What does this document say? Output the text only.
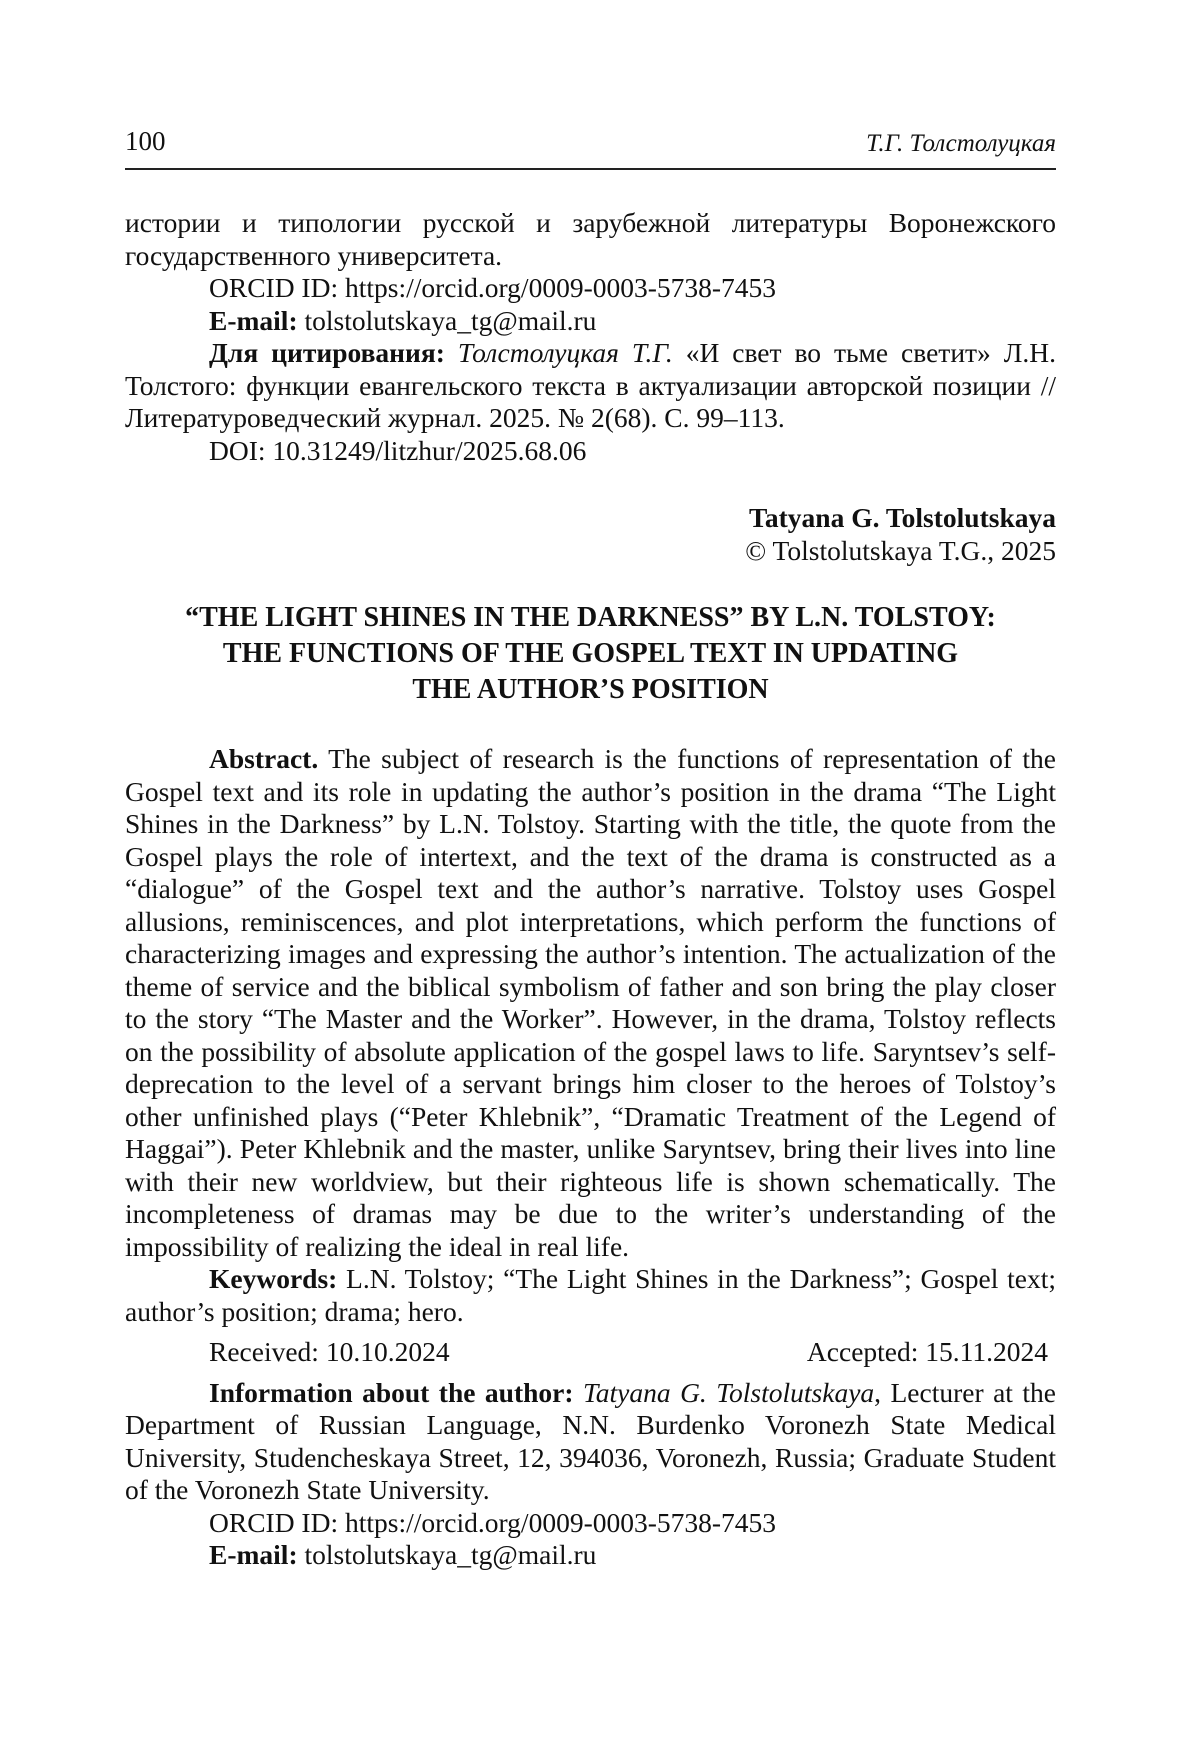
100	Т.Г. Толстолуцкая

истории и типологии русской и зарубежной литературы Воронежского государственного университета.

ORCID ID: https://orcid.org/0009-0003-5738-7453

E-mail: tolstolutskaya_tg@mail.ru

Для цитирования: Толстолуцкая Т.Г. «И свет во тьме светит» Л.Н. Толстого: функции евангельского текста в актуализации авторской позиции // Литературоведческий журнал. 2025. № 2(68). С. 99–113.

DOI: 10.31249/litzhur/2025.68.06

Tatyana G. Tolstolutskaya

© Tolstolutskaya T.G., 2025

“THE LIGHT SHINES IN THE DARKNESS” BY L.N. TOLSTOY:
THE FUNCTIONS OF THE GOSPEL TEXT IN UPDATING
THE AUTHOR’S POSITION

Abstract. The subject of research is the functions of representation of the Gospel text and its role in updating the author’s position in the drama “The Light Shines in the Darkness” by L.N. Tolstoy. Starting with the title, the quote from the Gospel plays the role of intertext, and the text of the drama is constructed as a “dialogue” of the Gospel text and the author’s narrative. Tolstoy uses Gospel allusions, reminiscences, and plot interpretations, which perform the functions of characterizing images and expressing the author’s intention. The actualization of the theme of service and the biblical symbolism of father and son bring the play closer to the story “The Master and the Worker”. However, in the drama, Tolstoy reflects on the possibility of absolute application of the gospel laws to life. Saryntsev’s self-deprecation to the level of a servant brings him closer to the heroes of Tolstoy’s other unfinished plays (“Peter Khlebnik”, “Dramatic Treatment of the Legend of Haggai”). Peter Khlebnik and the master, unlike Saryntsev, bring their lives into line with their new worldview, but their righteous life is shown schematically. The incompleteness of dramas may be due to the writer’s understanding of the impossibility of realizing the ideal in real life.

Keywords: L.N. Tolstoy; “The Light Shines in the Darkness”; Gospel text; author’s position; drama; hero.

Received: 10.10.2024	Accepted: 15.11.2024

Information about the author: Tatyana G. Tolstolutskaya, Lecturer at the Department of Russian Language, N.N. Burdenko Voronezh State Medical University, Studencheskaya Street, 12, 394036, Voronezh, Russia; Graduate Student of the Voronezh State University.

ORCID ID: https://orcid.org/0009-0003-5738-7453

E-mail: tolstolutskaya_tg@mail.ru
